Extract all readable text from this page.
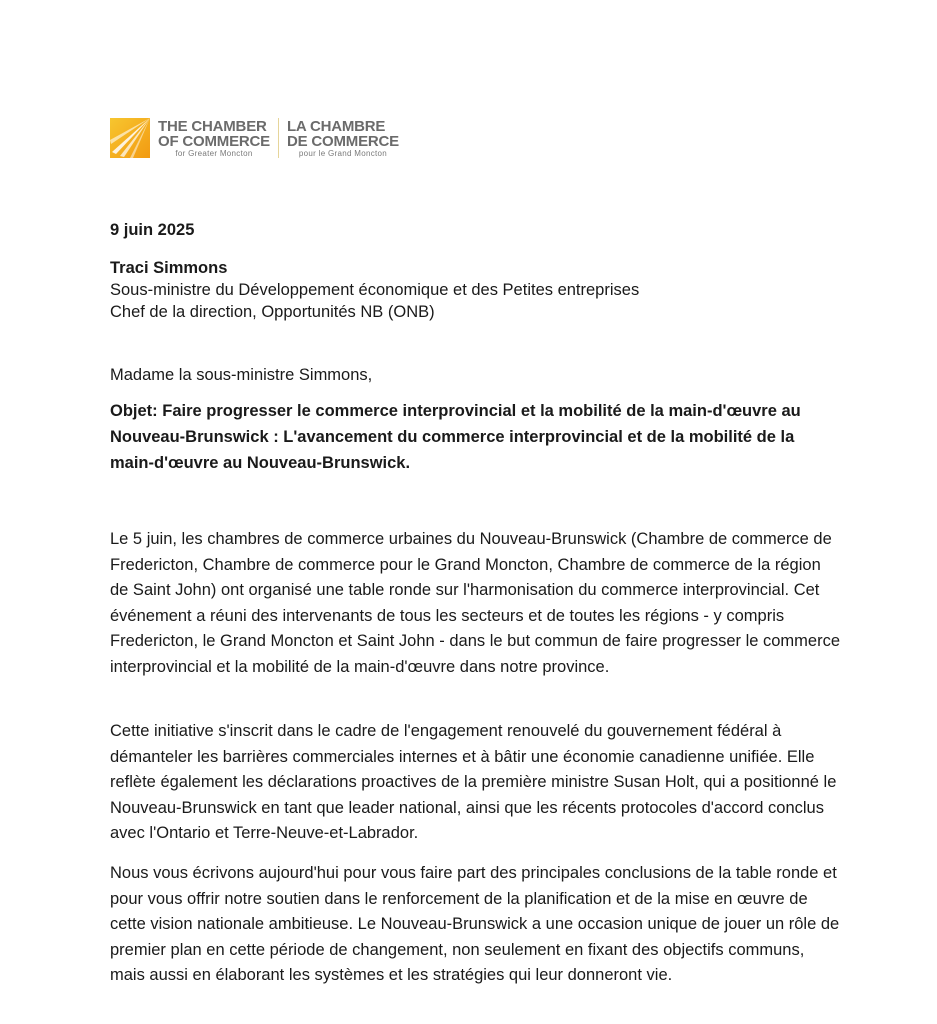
THE CHAMBER
OF COMMERCE
for Greater Moncton
LA CHAMBRE
DE COMMERCE
pour le Grand Moncton
9 juin 2025
Traci Simmons
Sous-ministre du Développement économique et des Petites entreprises
Chef de la direction, Opportunités NB (ONB)
Madame la sous-ministre Simmons,
Objet: Faire progresser le commerce interprovincial et la mobilité de la main-d'œuvre au Nouveau-Brunswick : L'avancement du commerce interprovincial et de la mobilité de la main-d'œuvre au Nouveau-Brunswick.

Le 5 juin, les chambres de commerce urbaines du Nouveau-Brunswick (Chambre de commerce de Fredericton, Chambre de commerce pour le Grand Moncton, Chambre de commerce de la région de Saint John) ont organisé une table ronde sur l'harmonisation du commerce interprovincial. Cet événement a réuni des intervenants de tous les secteurs et de toutes les régions - y compris Fredericton, le Grand Moncton et Saint John - dans le but commun de faire progresser le commerce interprovincial et la mobilité de la main-d'œuvre dans notre province.

Cette initiative s'inscrit dans le cadre de l'engagement renouvelé du gouvernement fédéral à démanteler les barrières commerciales internes et à bâtir une économie canadienne unifiée. Elle reflète également les déclarations proactives de la première ministre Susan Holt, qui a positionné le Nouveau-Brunswick en tant que leader national, ainsi que les récents protocoles d'accord conclus avec l'Ontario et Terre-Neuve-et-Labrador.

Nous vous écrivons aujourd'hui pour vous faire part des principales conclusions de la table ronde et pour vous offrir notre soutien dans le renforcement de la planification et de la mise en œuvre de cette vision nationale ambitieuse. Le Nouveau-Brunswick a une occasion unique de jouer un rôle de premier plan en cette période de changement, non seulement en fixant des objectifs communs, mais aussi en élaborant les systèmes et les stratégies qui leur donneront vie.
